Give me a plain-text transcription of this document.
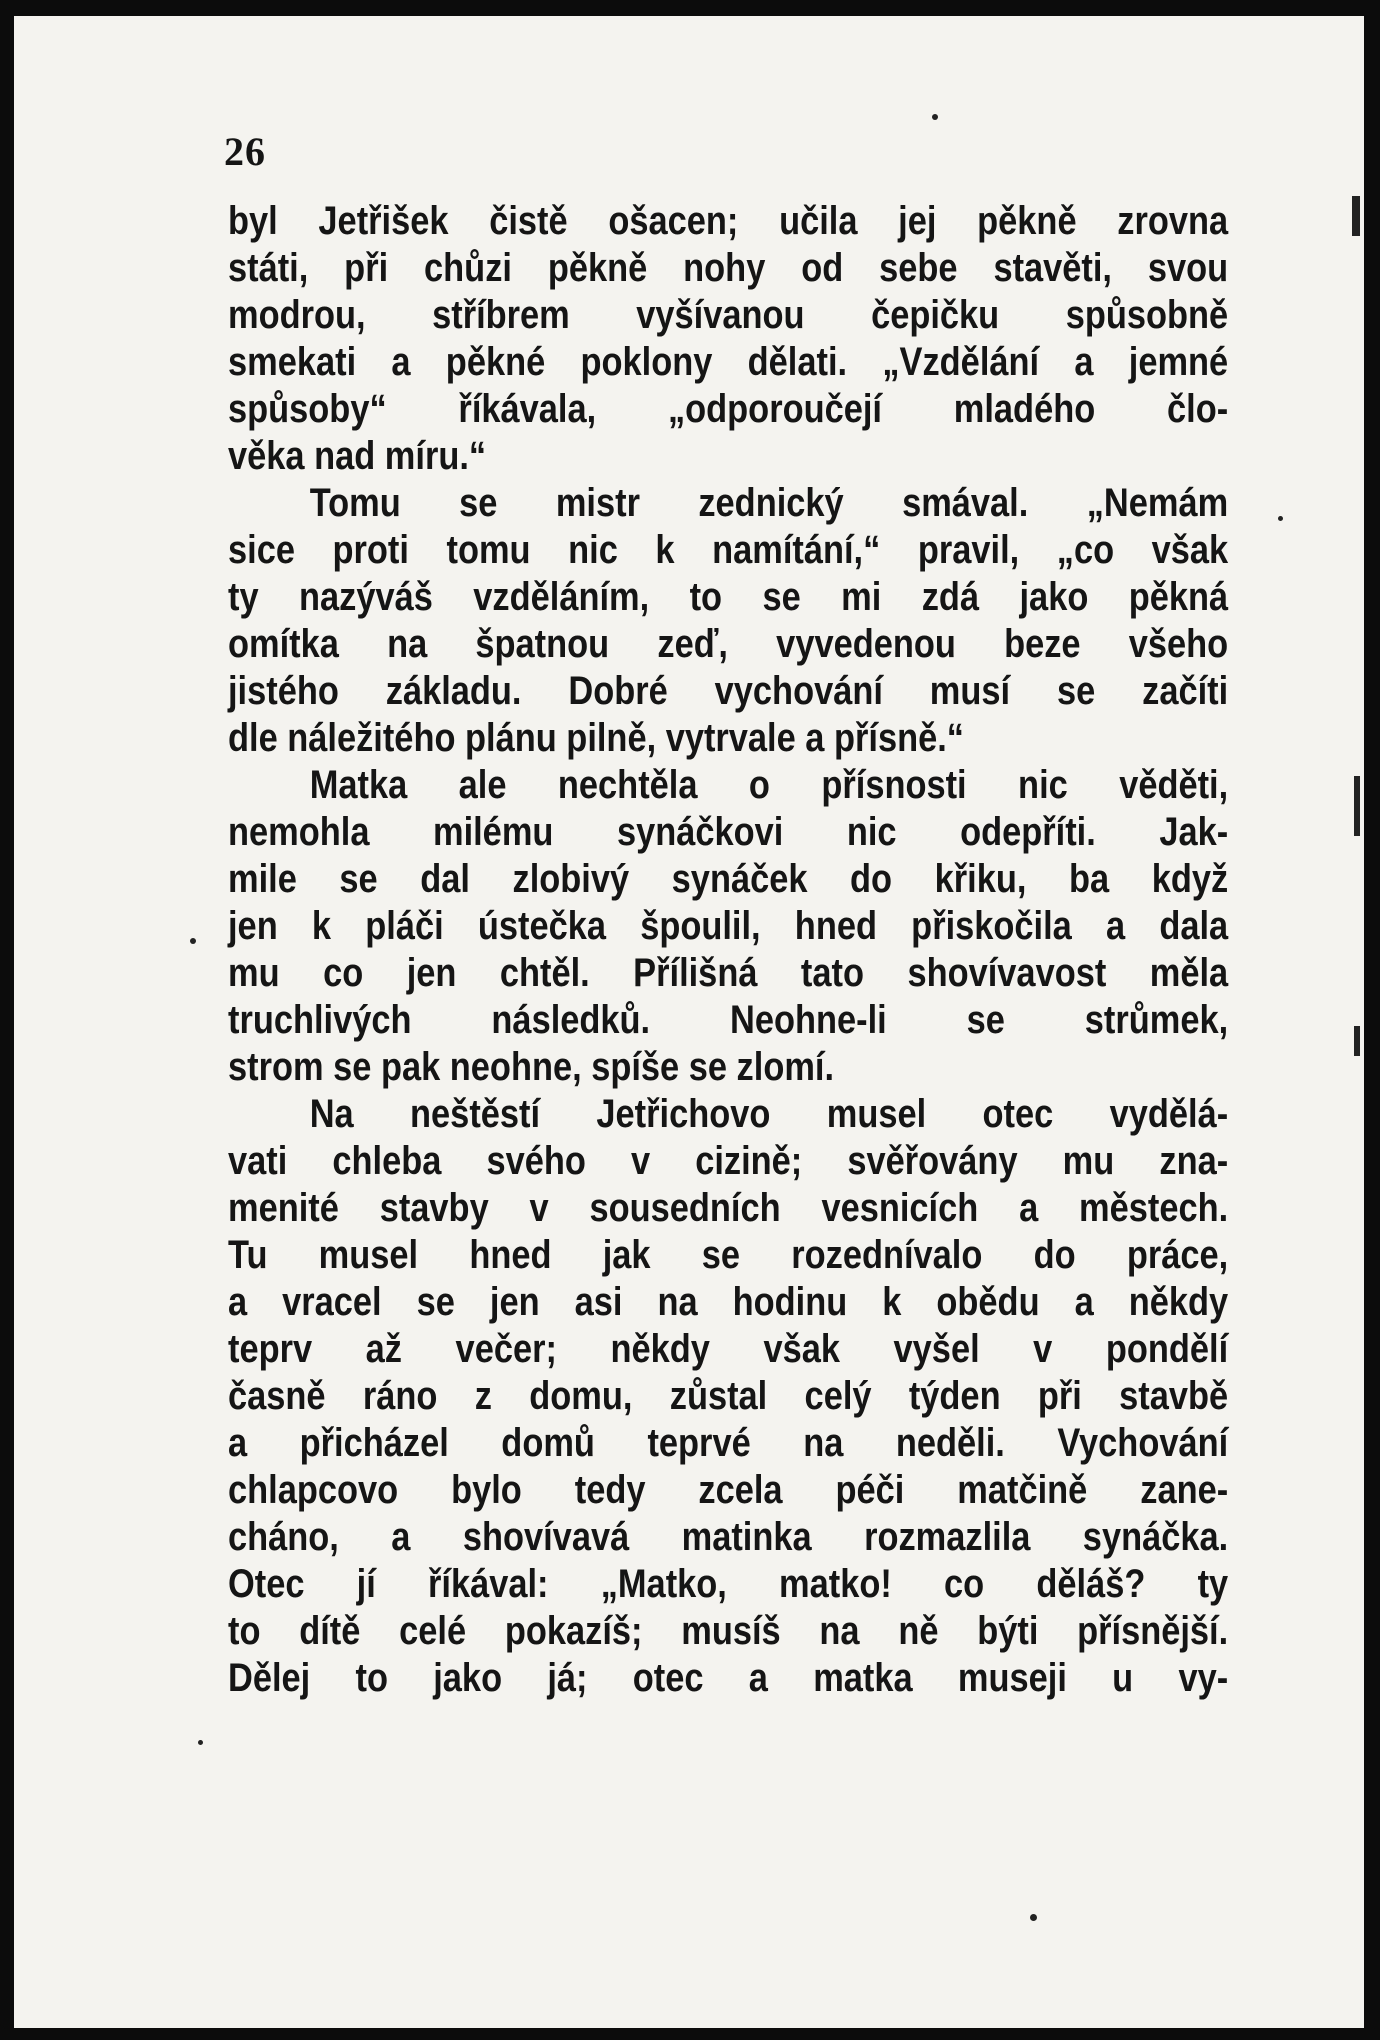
26
byl Jetřišek čistě ošacen; učila jej pěkně zrovna
státi, při chůzi pěkně nohy od sebe stavěti, svou
modrou, stříbrem vyšívanou čepičku spůsobně
smekati a pěkné poklony dělati. „Vzdělání a jemné
spůsoby“ říkávala, „odporoučejí mladého člo-
věka nad míru.“
Tomu se mistr zednický smával. „Nemám
sice proti tomu nic k namítání,“ pravil, „co však
ty nazýváš vzděláním, to se mi zdá jako pěkná
omítka na špatnou zeď, vyvedenou beze všeho
jistého základu. Dobré vychování musí se začíti
dle náležitého plánu pilně, vytrvale a přísně.“
Matka ale nechtěla o přísnosti nic věděti,
nemohla milému synáčkovi nic odepříti. Jak-
mile se dal zlobivý synáček do křiku, ba když
jen k pláči ústečka špoulil, hned přiskočila a dala
mu co jen chtěl. Přílišná tato shovívavost měla
truchlivých následků. Neohne-li se strůmek,
strom se pak neohne, spíše se zlomí.
Na neštěstí Jetřichovo musel otec vydělá-
vati chleba svého v cizině; svěřovány mu zna-
menité stavby v sousedních vesnicích a městech.
Tu musel hned jak se rozednívalo do práce,
a vracel se jen asi na hodinu k obědu a někdy
teprv až večer; někdy však vyšel v pondělí
časně ráno z domu, zůstal celý týden při stavbě
a přicházel domů teprvé na neděli. Vychování
chlapcovo bylo tedy zcela péči matčině zane-
cháno, a shovívavá matinka rozmazlila synáčka.
Otec jí říkával: „Matko, matko! co děláš? ty
to dítě celé pokazíš; musíš na ně býti přísnější.
Dělej to jako já; otec a matka museji u vy-
